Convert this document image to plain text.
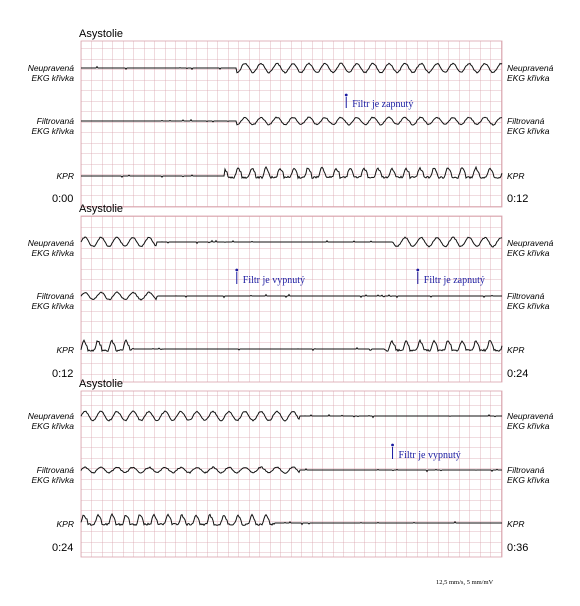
Asystolie
Neupravená
EKG křivka
Filtrovaná
EKG křivka
KPR
Neupravená
EKG křivka
Filtrovaná
EKG křivka
KPR
0:00	0:12
Filtr je zapnutý
Asystolie
Neupravená
EKG křivka
Filtrovaná
EKG křivka
KPR
Neupravená
EKG křivka
Filtrovaná
EKG křivka
KPR
0:12	0:24
Filtr je vypnutý	Filtr je zapnutý
Asystolie
Neupravená
EKG křivka
Filtrovaná
EKG křivka
KPR
Neupravená
EKG křivka
Filtrovaná
EKG křivka
KPR
0:24	0:36
Filtr je vypnutý
12,5 mm/s, 5 mm/mV
